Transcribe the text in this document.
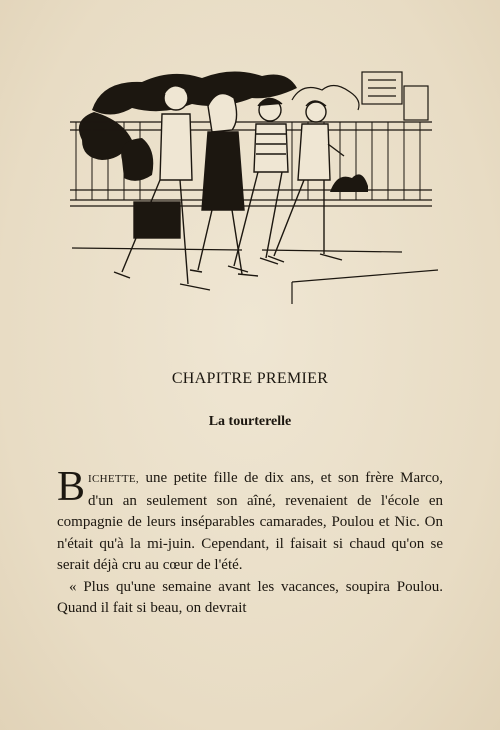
CHAPITRE PREMIER
La tourterelle

BICHETTE, une petite fille de dix ans, et son frère Marco, d'un an seulement son aîné, revenaient de l'école en compagnie de leurs inséparables camarades, Poulou et Nic. On n'était qu'à la mi-juin. Cependant, il faisait si chaud qu'on se serait déjà cru au cœur de l'été.

« Plus qu'une semaine avant les vacances, soupira Poulou. Quand il fait si beau, on devrait
